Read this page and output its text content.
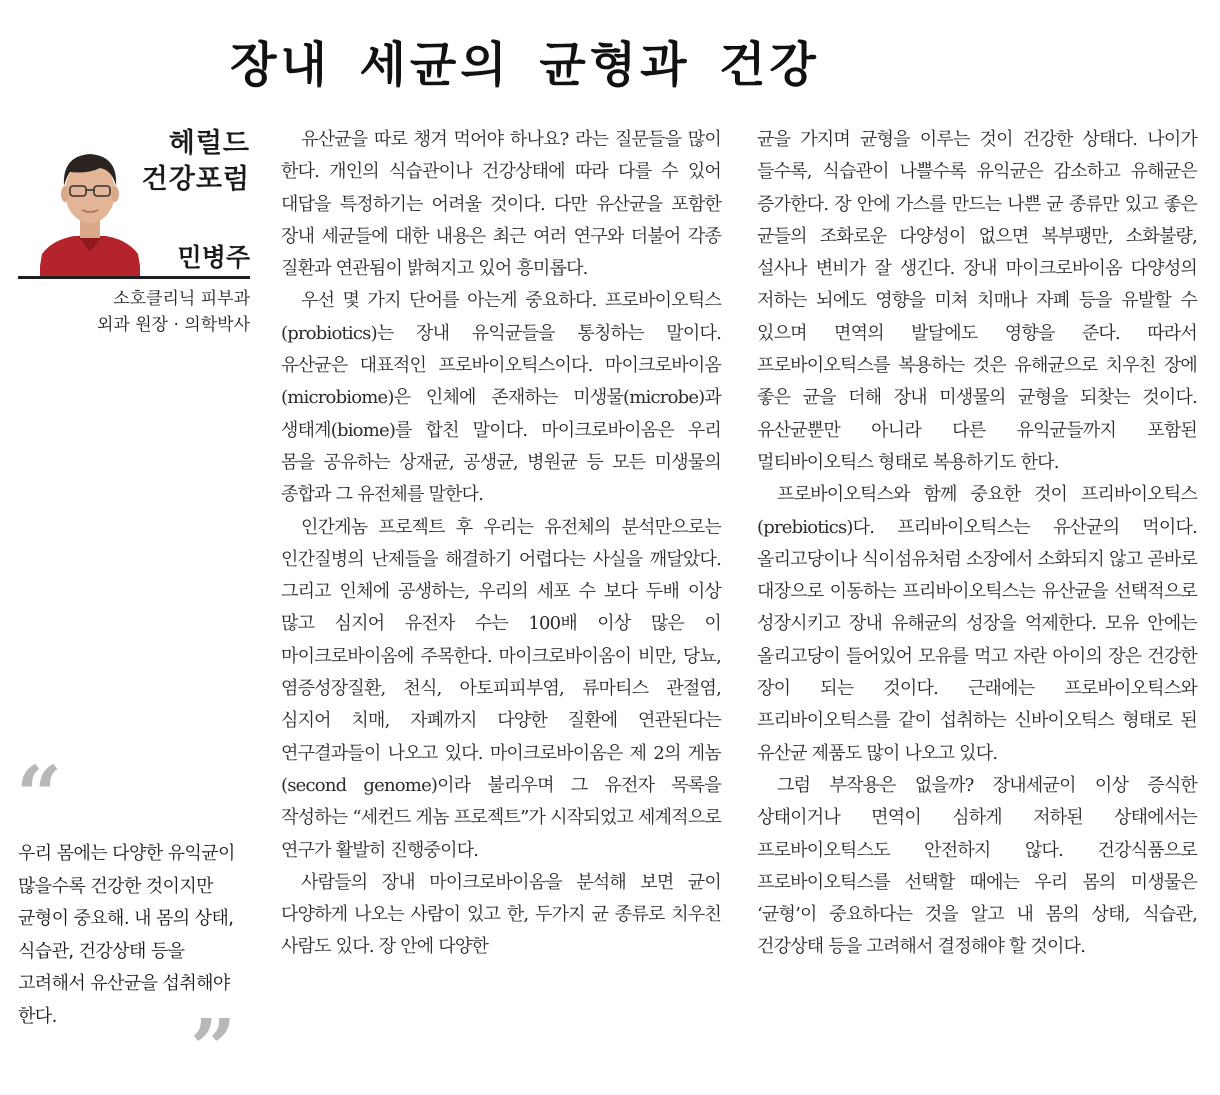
장내 세균의 균형과 건강
헤럴드
건강포럼
민병주
소호클리닉 피부과
외과 원장 · 의학박사
“
우리 몸에는 다양한 유익균이 많을수록 건강한 것이지만 균형이 중요해. 내 몸의 상태, 식습관, 건강상태 등을 고려해서 유산균을 섭취해야 한다.	”

유산균을 따로 챙겨 먹어야 하나요? 라는 질문들을 많이 한다. 개인의 식습관이나 건강상태에 따라 다를 수 있어 대답을 특정하기는 어려울 것이다. 다만 유산균을 포함한 장내 세균들에 대한 내용은 최근 여러 연구와 더불어 각종 질환과 연관됨이 밝혀지고 있어 흥미롭다.

우선 몇 가지 단어를 아는게 중요하다. 프로바이오틱스(probiotics)는 장내 유익균들을 통칭하는 말이다. 유산균은 대표적인 프로바이오틱스이다. 마이크로바이옴(microbiome)은 인체에 존재하는 미생물(microbe)과 생태계(biome)를 합친 말이다. 마이크로바이옴은 우리 몸을 공유하는 상재균, 공생균, 병원균 등 모든 미생물의 종합과 그 유전체를 말한다.

인간게놈 프로젝트 후 우리는 유전체의 분석만으로는 인간질병의 난제들을 해결하기 어렵다는 사실을 깨달았다. 그리고 인체에 공생하는, 우리의 세포 수 보다 두배 이상 많고 심지어 유전자 수는 100배 이상 많은 이 마이크로바이옴에 주목한다. 마이크로바이옴이 비만, 당뇨, 염증성장질환, 천식, 아토피피부염, 류마티스 관절염, 심지어 치매, 자폐까지 다양한 질환에 연관된다는 연구결과들이 나오고 있다. 마이크로바이옴은 제 2의 게놈(second genome)이라 불리우며 그 유전자 목록을 작성하는 “세컨드 게놈 프로젝트”가 시작되었고 세계적으로 연구가 활발히 진행중이다.

사람들의 장내 마이크로바이옴을 분석해 보면 균이 다양하게 나오는 사람이 있고 한, 두가지 균 종류로 치우친 사람도 있다. 장 안에 다양한

균을 가지며 균형을 이루는 것이 건강한 상태다. 나이가 들수록, 식습관이 나쁠수록 유익균은 감소하고 유해균은 증가한다. 장 안에 가스를 만드는 나쁜 균 종류만 있고 좋은 균들의 조화로운 다양성이 없으면 복부팽만, 소화불량, 설사나 변비가 잘 생긴다. 장내 마이크로바이옴 다양성의 저하는 뇌에도 영향을 미쳐 치매나 자폐 등을 유발할 수 있으며 면역의 발달에도 영향을 준다. 따라서 프로바이오틱스를 복용하는 것은 유해균으로 치우친 장에 좋은 균을 더해 장내 미생물의 균형을 되찾는 것이다. 유산균뿐만 아니라 다른 유익균들까지 포함된 멀티바이오틱스 형태로 복용하기도 한다.

프로바이오틱스와 함께 중요한 것이 프리바이오틱스(prebiotics)다. 프리바이오틱스는 유산균의 먹이다. 올리고당이나 식이섬유처럼 소장에서 소화되지 않고 곧바로 대장으로 이동하는 프리바이오틱스는 유산균을 선택적으로 성장시키고 장내 유해균의 성장을 억제한다. 모유 안에는 올리고당이 들어있어 모유를 먹고 자란 아이의 장은 건강한 장이 되는 것이다. 근래에는 프로바이오틱스와 프리바이오틱스를 같이 섭취하는 신바이오틱스 형태로 된 유산균 제품도 많이 나오고 있다.

그럼 부작용은 없을까? 장내세균이 이상 증식한 상태이거나 면역이 심하게 저하된 상태에서는 프로바이오틱스도 안전하지 않다. 건강식품으로 프로바이오틱스를 선택할 때에는 우리 몸의 미생물은 ‘균형’이 중요하다는 것을 알고 내 몸의 상태, 식습관, 건강상태 등을 고려해서 결정해야 할 것이다.
